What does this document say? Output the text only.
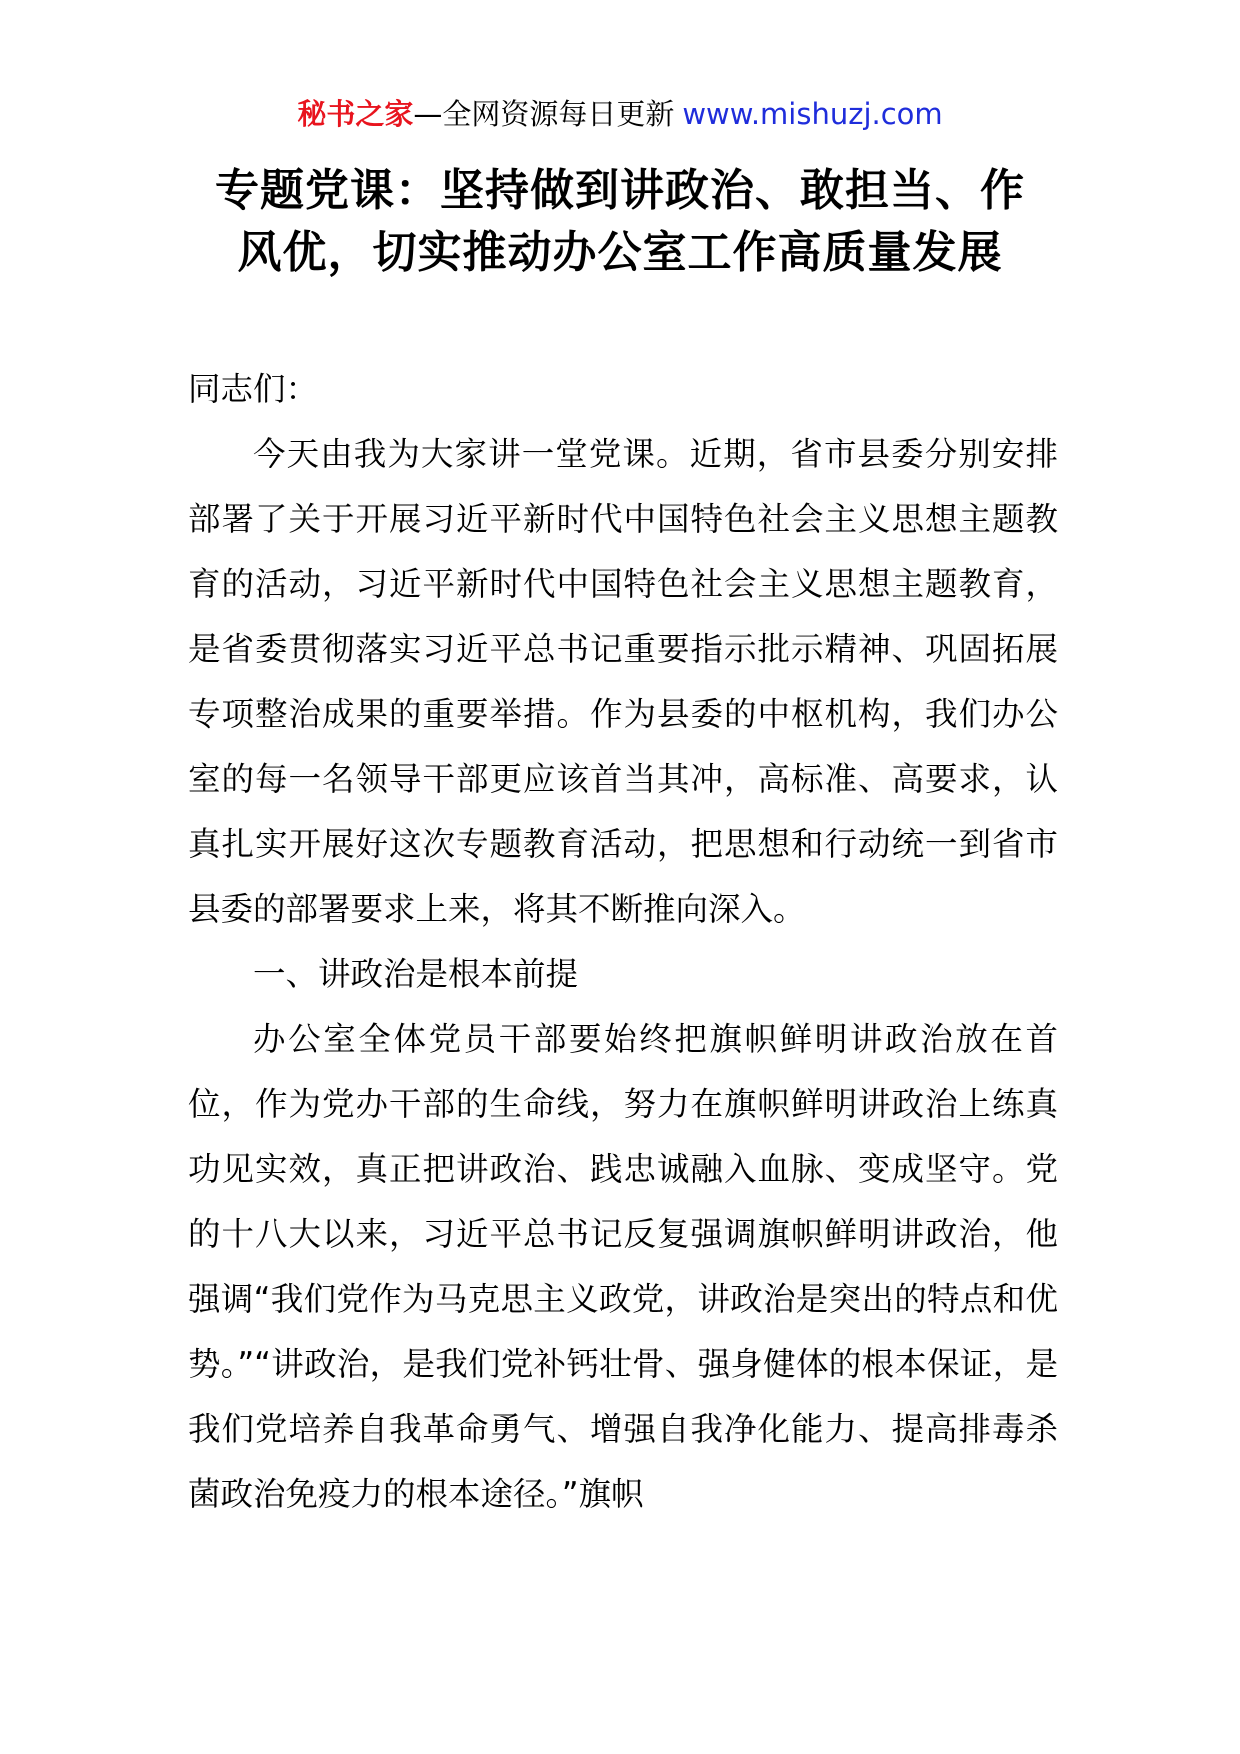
秘书之家—全网资源每日更新 www.mishuzj.com
专题党课：坚持做到讲政治、敢担当、作
风优，切实推动办公室工作高质量发展

同志们：

今天由我为大家讲一堂党课。近期，省市县委分别安排部署了关于开展习近平新时代中国特色社会主义思想主题教育的活动，习近平新时代中国特色社会主义思想主题教育，是省委贯彻落实习近平总书记重要指示批示精神、巩固拓展专项整治成果的重要举措。作为县委的中枢机构，我们办公室的每一名领导干部更应该首当其冲，高标准、高要求，认真扎实开展好这次专题教育活动，把思想和行动统一到省市县委的部署要求上来，将其不断推向深入。

一、讲政治是根本前提

办公室全体党员干部要始终把旗帜鲜明讲政治放在首位，作为党办干部的生命线，努力在旗帜鲜明讲政治上练真功见实效，真正把讲政治、践忠诚融入血脉、变成坚守。党的十八大以来，习近平总书记反复强调旗帜鲜明讲政治，他强调“我们党作为马克思主义政党，讲政治是突出的特点和优势。”“讲政治，是我们党补钙壮骨、强身健体的根本保证，是我们党培养自我革命勇气、增强自我净化能力、提高排毒杀菌政治免疫力的根本途径。”旗帜
